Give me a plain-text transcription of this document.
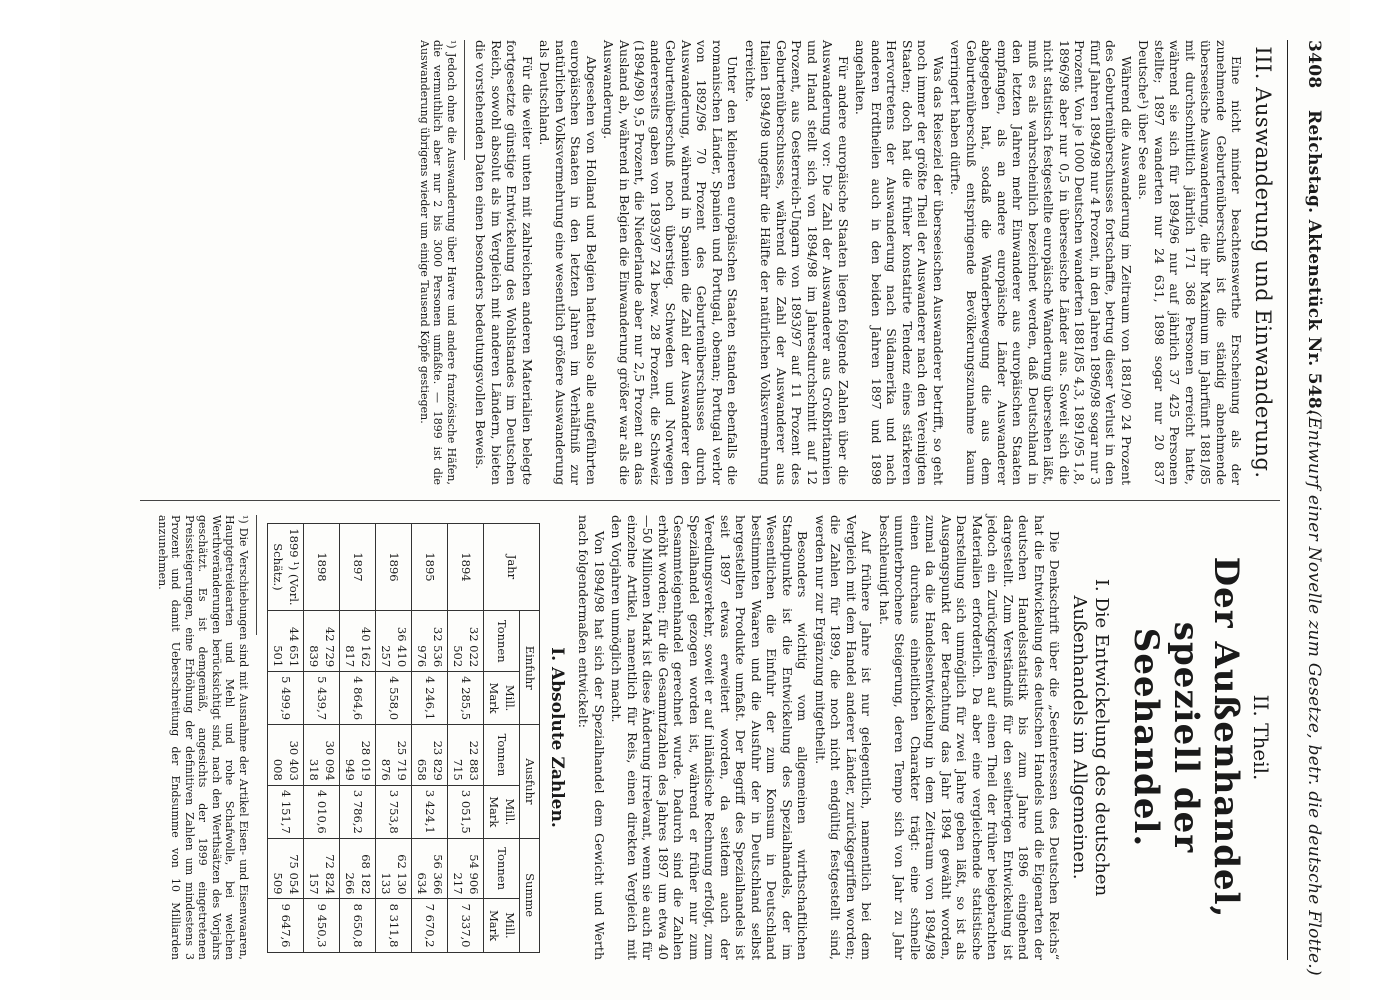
3408
Reichstag. Aktenstück Nr. 548.
(Entwurf einer Novelle zum Gesetze, betr. die deutsche Flotte.)
III. Auswanderung und Einwanderung.

Eine nicht minder beachtenswerthe Erscheinung als der zunehmende Geburtenüberschuß ist die ständig abnehmende überseeische Auswanderung, die ihr Maximum im Jahrfünft 1881/85 mit durchschnittlich jährlich 171 368 Personen erreicht hatte, während sie sich für 1894/96 nur auf jährlich 37 425 Personen stellte; 1897 wanderten nur 24 631, 1898 sogar nur 20 837 Deutsche¹) über See aus.

Während die Auswanderung im Zeitraum von 1881/90 24 Prozent des Geburtenüberschusses fortschaffte, betrug dieser Verlust in den fünf Jahren 1894/98 nur 4 Prozent, in den Jahren 1896/98 sogar nur 3 Prozent. Von je 1000 Deutschen wanderten 1881/85 4,3, 1891/95 1,8, 1896/98 aber nur 0,5 in überseeische Länder aus. Soweit sich die nicht statistisch festgestellte europäische Wanderung übersehen läßt, muß es als wahrscheinlich bezeichnet werden, daß Deutschland in den letzten Jahren mehr Einwanderer aus europäischen Staaten empfangen, als an andere europäische Länder Auswanderer abgegeben hat, sodaß die Wanderbewegung die aus dem Geburtenüberschuß entspringende Bevölkerungszunahme kaum verringert haben dürfte.

Was das Reiseziel der überseeischen Auswanderer betrifft, so geht noch immer der größte Theil der Auswanderer nach den Vereinigten Staaten; doch hat die früher konstatirte Tendenz eines stärkeren Hervortretens der Auswanderung nach Südamerika und nach anderen Erdtheilen auch in den beiden Jahren 1897 und 1898 angehalten.

Für andere europäische Staaten liegen folgende Zahlen über die Auswanderung vor: Die Zahl der Auswanderer aus Großbritannien und Irland stellt sich von 1894/98 im Jahresdurchschnitt auf 12 Prozent, aus Oesterreich-Ungarn von 1893/97 auf 11 Prozent des Geburtenüberschusses, während die Zahl der Auswanderer aus Italien 1894/98 ungefähr die Hälfte der natürlichen Volksvermehrung erreichte.

Unter den kleineren europäischen Staaten standen ebenfalls die romanischen Länder, Spanien und Portugal, obenan; Portugal verlor von 1892/96 70 Prozent des Geburtenüberschusses durch Auswanderung, während in Spanien die Zahl der Auswanderer den Geburtenüberschuß noch überstieg. Schweden und Norwegen andererseits gaben von 1893/97 24 bezw. 28 Prozent, die Schweiz (1894/98) 9,5 Prozent, die Niederlande aber nur 2,5 Prozent an das Ausland ab, während in Belgien die Einwanderung größer war als die Auswanderung.

Abgesehen von Holland und Belgien hatten also alle aufgeführten europäischen Staaten in den letzten Jahren im Verhältniß zur natürlichen Volksvermehrung eine wesentlich größere Auswanderung als Deutschland.

Für die weiter unten mit zahlreichen anderen Materialien belegte fortgesetzte günstige Entwickelung des Wohlstandes im Deutschen Reich, sowohl absolut als im Vergleich mit anderen Ländern, bieten die vorstehenden Daten einen besonders bedeutungsvollen Beweis.

¹) Jedoch ohne die Auswanderung über Havre und andere französische Häfen, die vermuthlich aber nur 2 bis 3000 Personen umfaßte. — 1899 ist die Auswanderung übrigens wieder um einige Tausend Köpfe gestiegen.
II. Theil.
Der Außenhandel, speziell der Seehandel.
I. Die Entwickelung des deutschen Außenhandels im Allgemeinen.

Die Denkschrift über die „Seeinteressen des Deutschen Reichs“ hat die Entwickelung des deutschen Handels und die Eigenarten der deutschen Handelsstatistik bis zum Jahre 1896 eingehend dargestellt. Zum Verständniß für den seitherigen Entwickelung ist jedoch ein Zurückgreifen auf einen Theil der früher beigebrachten Materialien erforderlich. Da aber eine vergleichende statistische Darstellung sich unmöglich für zwei Jahre geben läßt, so ist als Ausgangspunkt der Betrachtung das Jahr 1894 gewählt worden, zumal da die Handelsentwickelung in dem Zeitraum von 1894/98 einen durchaus einheitlichen Charakter trägt: eine schnelle ununterbrochene Steigerung, deren Tempo sich von Jahr zu Jahr beschleunigt hat.

Auf frühere Jahre ist nur gelegentlich, namentlich bei dem Vergleich mit dem Handel anderer Länder, zurückgegriffen worden; die Zahlen für 1899, die noch nicht endgültig festgestellt sind, werden nur zur Ergänzung mitgetheilt.

Besonders wichtig vom allgemeinen wirthschaftlichen Standpunkte ist die Entwickelung des Spezialhandels, der im Wesentlichen die Einfuhr der zum Konsum in Deutschland bestimmten Waaren und die Ausfuhr der in Deutschland selbst hergestellten Produkte umfaßt. Der Begriff des Spezialhandels ist seit 1897 etwas erweitert worden, da seitdem auch der Veredlungsverkehr, soweit er auf inländische Rechnung erfolgt, zum Spezialhandel gezogen worden ist, während er früher nur zum Gesammteigenhandel gerechnet wurde. Dadurch sind die Zahlen erhöht worden; für die Gesammtzahlen des Jahres 1897 um etwa 40—50 Millionen Mark ist diese Änderung irrelevant, wenn sie auch für einzelne Artikel, namentlich für Reis, einen direkten Vergleich mit den Vorjahren unmöglich macht.

Von 1894/98 hat sich der Spezialhandel dem Gewicht und Werth nach folgendermaßen entwickelt:

I. Absolute Zahlen.
Jahr	Einfuhr		Ausfuhr		Summe	
	Tonnen	Mill. Mark	Tonnen	Mill. Mark	Tonnen	Mill. Mark
1894	32 022 502	4 285,5	22 883 715	3 051,5	54 906 217	7 337,0
1895	32 536 976	4 246,1	23 829 658	3 424,1	56 366 634	7 670,2
1896	36 410 257	4 558,0	25 719 876	3 753,8	62 130 133	8 311,8
1897	40 162 817	4 864,6	28 019 949	3 786,2	68 182 266	8 650,8
1898	42 729 839	5 439,7	30 094 318	4 010,6	72 824 157	9 450,3
1899 ¹) (Vorl. Schätz.)	44 651 501	5 499,9	30 403 008	4 151,7	75 054 509	9 647,6
¹) Die Verschiebungen sind mit Ausnahme der Artikel Eisen- und Eisenwaaren, Hauptgetreidearten und Mehl und rohe Schafwolle, bei welchen Werthveränderungen berücksichtigt sind, nach den Werthsätzen des Vorjahrs geschätzt. Es ist demgemäß, angesichts der 1899 eingetretenen Preissteigerungen, eine Erhöhung der definitiven Zahlen um mindestens 3 Prozent und damit Ueberschreitung der Endsumme von 10 Milliarden anzunehmen.
